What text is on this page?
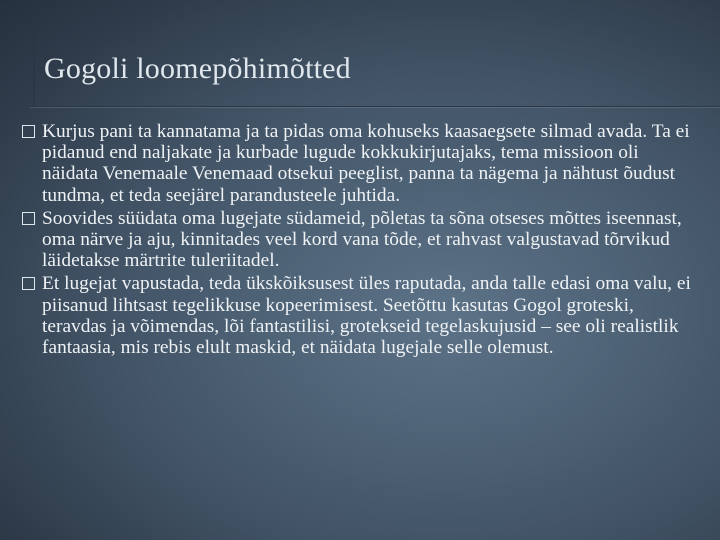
Gogoli loomepõhimõtted
Kurjus pani ta kannatama ja ta pidas oma kohuseks kaasaegsete silmad avada. Ta ei pidanud end naljakate ja kurbade lugude kokkukirjutajaks, tema missioon oli näidata Venemaale Venemaad otsekui peeglist, panna ta nägema ja nähtust õudust tundma, et teda seejärel parandusteele juhtida.
Soovides süüdata oma lugejate südameid, põletas ta sõna otseses mõttes iseennast, oma närve ja aju, kinnitades veel kord vana tõde, et rahvast valgustavad tõrvikud läidetakse märtrite tuleriitadel.
Et lugejat vapustada, teda ükskõiksusest üles raputada, anda talle edasi oma valu, ei piisanud lihtsast tegelikkuse kopeerimisest. Seetõttu kasutas Gogol groteski, teravdas ja võimendas, lõi fantastilisi, grotekseid tegelaskujusid – see oli realistlik fantaasia, mis rebis elult maskid, et näidata lugejale selle olemust.
